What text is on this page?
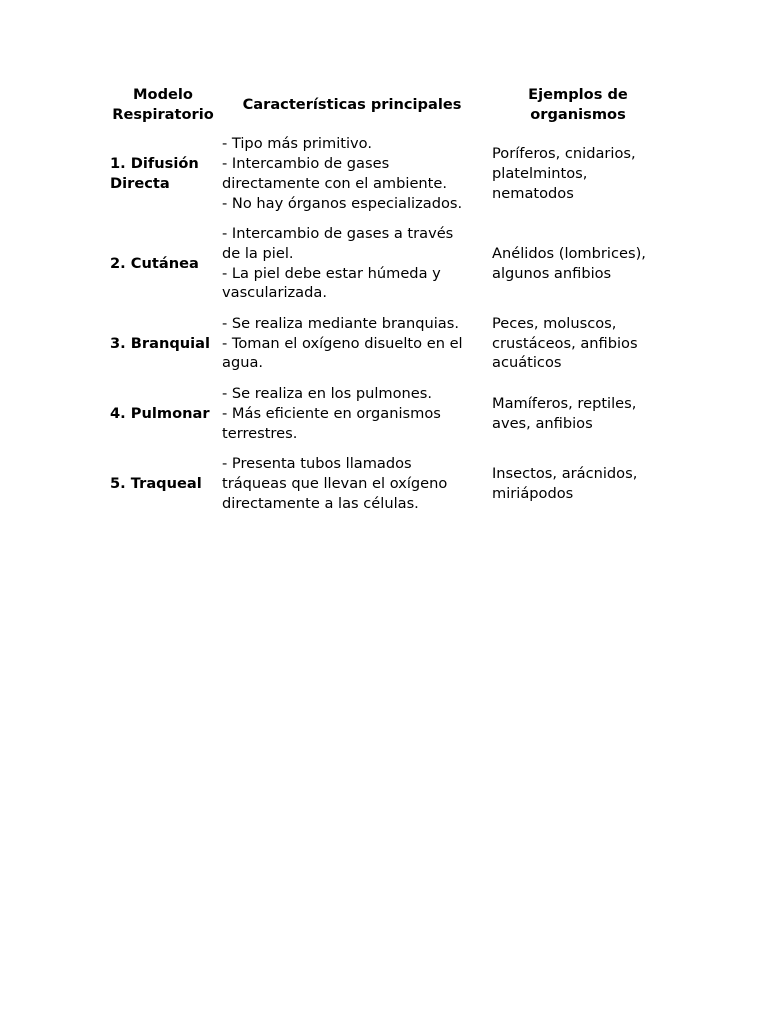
Modelo
Respiratorio	Características principales	Ejemplos de
organismos

1. Difusión
Directa	- Tipo más primitivo.
- Intercambio de gases
directamente con el ambiente.
- No hay órganos especializados.	Poríferos, cnidarios,
platelmintos,
nematodos

2. Cutánea	- Intercambio de gases a través
de la piel.
- La piel debe estar húmeda y
vascularizada.	Anélidos (lombrices),
algunos anfibios

3. Branquial	- Se realiza mediante branquias.
- Toman el oxígeno disuelto en el
agua.	Peces, moluscos,
crustáceos, anfibios
acuáticos

4. Pulmonar	- Se realiza en los pulmones.
- Más eficiente en organismos
terrestres.	Mamíferos, reptiles,
aves, anfibios

5. Traqueal	- Presenta tubos llamados
tráqueas que llevan el oxígeno
directamente a las células.	Insectos, arácnidos,
miriápodos
